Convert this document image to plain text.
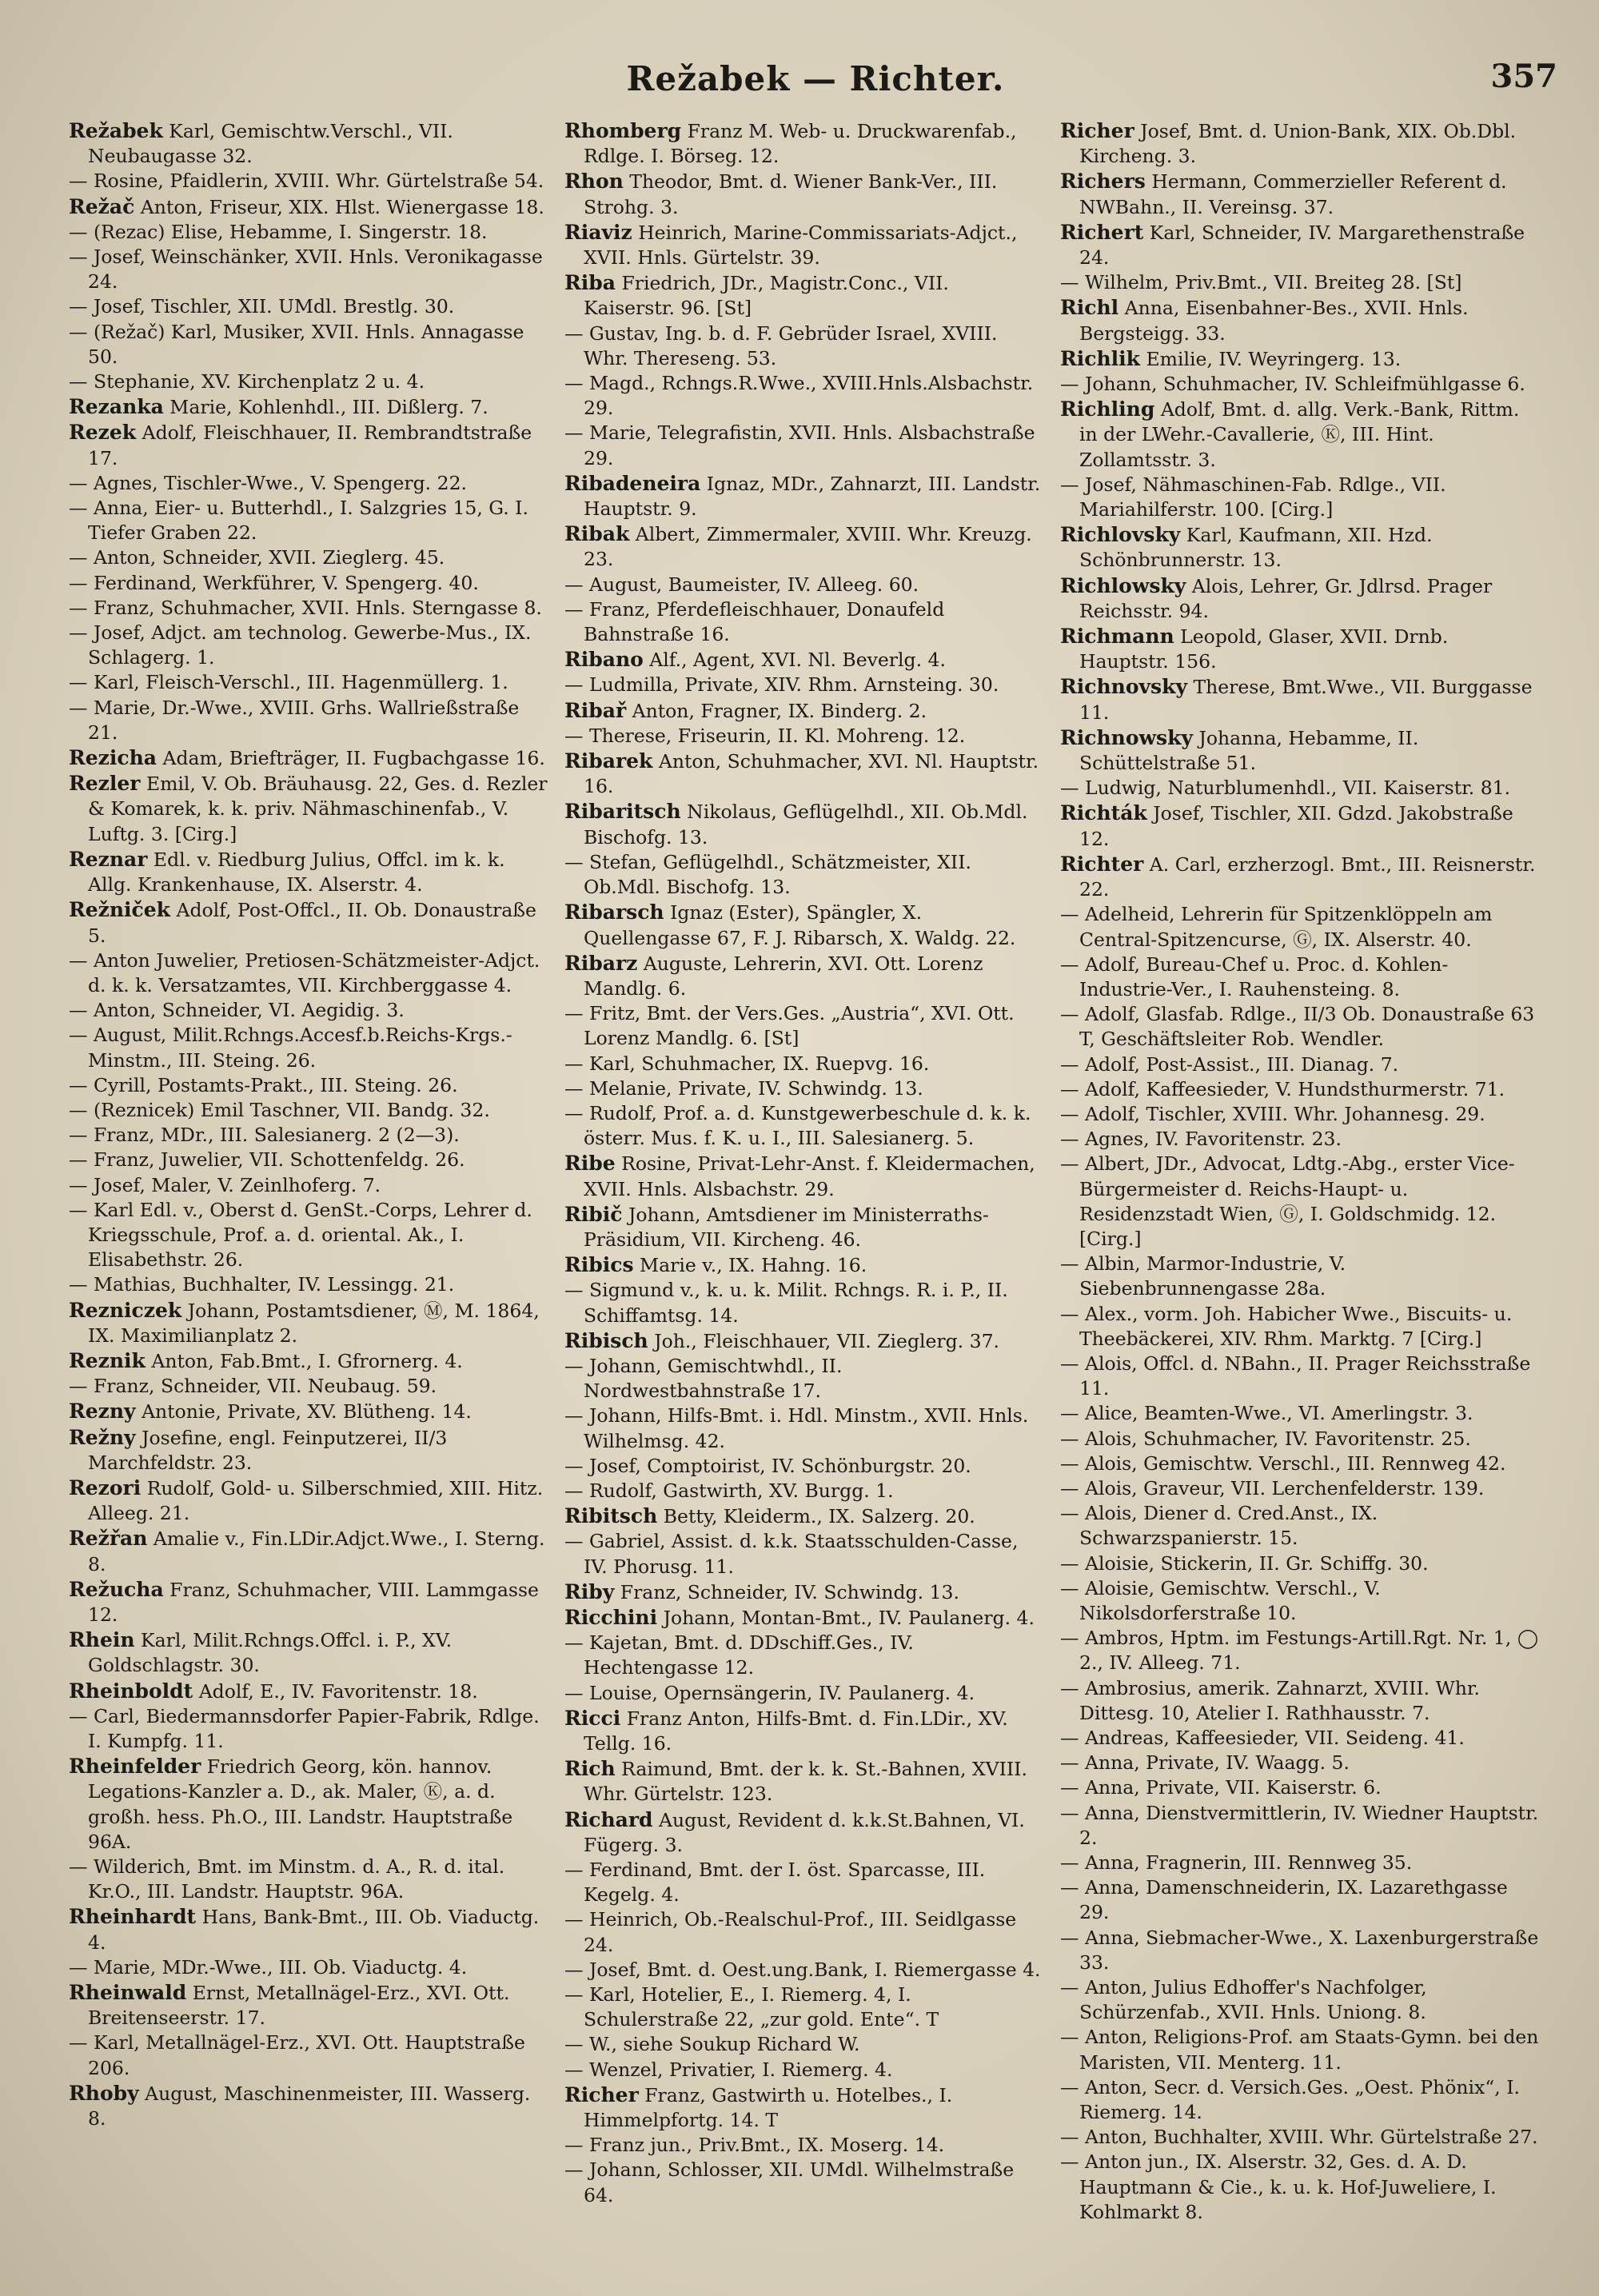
Režabek — Richter.	357
Režabek Karl, Gemischtw.Verschl., VII. Neubaugasse 32.
— Rosine, Pfaidlerin, XVIII. Whr. Gürtelstraße 54.
Režač Anton, Friseur, XIX. Hlst. Wienergasse 18.
— (Rezac) Elise, Hebamme, I. Singerstr. 18.
— Josef, Weinschänker, XVII. Hnls. Veronikagasse 24.
— Josef, Tischler, XII. UMdl. Brestlg. 30.
— (Režač) Karl, Musiker, XVII. Hnls. Annagasse 50.
— Stephanie, XV. Kirchenplatz 2 u. 4.
Rezanka Marie, Kohlenhdl., III. Dißlerg. 7.
Rezek Adolf, Fleischhauer, II. Rembrandtstraße 17.
— Agnes, Tischler-Wwe., V. Spengerg. 22.
— Anna, Eier- u. Butterhdl., I. Salzgries 15, G. I. Tiefer Graben 22.
— Anton, Schneider, XVII. Zieglerg. 45.
— Ferdinand, Werkführer, V. Spengerg. 40.
— Franz, Schuhmacher, XVII. Hnls. Sterngasse 8.
— Josef, Adjct. am technolog. Gewerbe-Mus., IX. Schlagerg. 1.
— Karl, Fleisch-Verschl., III. Hagenmüllerg. 1.
— Marie, Dr.-Wwe., XVIII. Grhs. Wallrießstraße 21.
Rezicha Adam, Briefträger, II. Fugbachgasse 16.
Rezler Emil, V. Ob. Bräuhausg. 22, Ges. d. Rezler & Komarek, k. k. priv. Nähmaschinenfab., V. Luftg. 3. [Cirg.]
Reznar Edl. v. Riedburg Julius, Offcl. im k. k. Allg. Krankenhause, IX. Alserstr. 4.
Režniček Adolf, Post-Offcl., II. Ob. Donaustraße 5.
— Anton Juwelier, Pretiosen-Schätzmeister-Adjct. d. k. k. Versatzamtes, VII. Kirchberggasse 4.
— Anton, Schneider, VI. Aegidig. 3.
— August, Milit.Rchngs.Accesf.b.Reichs-Krgs.-Minstm., III. Steing. 26.
— Cyrill, Postamts-Prakt., III. Steing. 26.
— (Reznicek) Emil Taschner, VII. Bandg. 32.
— Franz, MDr., III. Salesianerg. 2 (2—3).
— Franz, Juwelier, VII. Schottenfeldg. 26.
— Josef, Maler, V. Zeinlhoferg. 7.
— Karl Edl. v., Oberst d. GenSt.-Corps, Lehrer d. Kriegsschule, Prof. a. d. oriental. Ak., I. Elisabethstr. 26.
— Mathias, Buchhalter, IV. Lessingg. 21.
Rezniczek Johann, Postamtsdiener, Ⓜ, M. 1864, IX. Maximilianplatz 2.
Reznik Anton, Fab.Bmt., I. Gfrornerg. 4.
— Franz, Schneider, VII. Neubaug. 59.
Rezny Antonie, Private, XV. Blütheng. 14.
Režny Josefine, engl. Feinputzerei, II/3 Marchfeldstr. 23.
Rezori Rudolf, Gold- u. Silberschmied, XIII. Hitz. Alleeg. 21.
Režřan Amalie v., Fin.LDir.Adjct.Wwe., I. Sterng. 8.
Režucha Franz, Schuhmacher, VIII. Lammgasse 12.
Rhein Karl, Milit.Rchngs.Offcl. i. P., XV. Goldschlagstr. 30.
Rheinboldt Adolf, E., IV. Favoritenstr. 18.
— Carl, Biedermannsdorfer Papier-Fabrik, Rdlge. I. Kumpfg. 11.
Rheinfelder Friedrich Georg, kön. hannov. Legations-Kanzler a. D., ak. Maler, Ⓚ, a. d. großh. hess. Ph.O., III. Landstr. Hauptstraße 96A.
— Wilderich, Bmt. im Minstm. d. A., R. d. ital. Kr.O., III. Landstr. Hauptstr. 96A.
Rheinhardt Hans, Bank-Bmt., III. Ob. Viaductg. 4.
— Marie, MDr.-Wwe., III. Ob. Viaductg. 4.
Rheinwald Ernst, Metallnägel-Erz., XVI. Ott. Breitenseerstr. 17.
— Karl, Metallnägel-Erz., XVI. Ott. Hauptstraße 206.
Rhoby August, Maschinenmeister, III. Wasserg. 8.
Rhomberg Franz M. Web- u. Druckwarenfab., Rdlge. I. Börseg. 12.
Rhon Theodor, Bmt. d. Wiener Bank-Ver., III. Strohg. 3.
Riaviz Heinrich, Marine-Commissariats-Adjct., XVII. Hnls. Gürtelstr. 39.
Riba Friedrich, JDr., Magistr.Conc., VII. Kaiserstr. 96. [St]
— Gustav, Ing. b. d. F. Gebrüder Israel, XVIII. Whr. Thereseng. 53.
— Magd., Rchngs.R.Wwe., XVIII.Hnls.Alsbachstr. 29.
— Marie, Telegrafistin, XVII. Hnls. Alsbachstraße 29.
Ribadeneira Ignaz, MDr., Zahnarzt, III. Landstr. Hauptstr. 9.
Ribak Albert, Zimmermaler, XVIII. Whr. Kreuzg. 23.
— August, Baumeister, IV. Alleeg. 60.
— Franz, Pferdefleischhauer, Donaufeld Bahnstraße 16.
Ribano Alf., Agent, XVI. Nl. Beverlg. 4.
— Ludmilla, Private, XIV. Rhm. Arnsteing. 30.
Ribař Anton, Fragner, IX. Binderg. 2.
— Therese, Friseurin, II. Kl. Mohreng. 12.
Ribarek Anton, Schuhmacher, XVI. Nl. Hauptstr. 16.
Ribaritsch Nikolaus, Geflügelhdl., XII. Ob.Mdl. Bischofg. 13.
— Stefan, Geflügelhdl., Schätzmeister, XII. Ob.Mdl. Bischofg. 13.
Ribarsch Ignaz (Ester), Spängler, X. Quellengasse 67, F. J. Ribarsch, X. Waldg. 22.
Ribarz Auguste, Lehrerin, XVI. Ott. Lorenz Mandlg. 6.
— Fritz, Bmt. der Vers.Ges. „Austria“, XVI. Ott. Lorenz Mandlg. 6. [St]
— Karl, Schuhmacher, IX. Ruepvg. 16.
— Melanie, Private, IV. Schwindg. 13.
— Rudolf, Prof. a. d. Kunstgewerbeschule d. k. k. österr. Mus. f. K. u. I., III. Salesianerg. 5.
Ribe Rosine, Privat-Lehr-Anst. f. Kleidermachen, XVII. Hnls. Alsbachstr. 29.
Ribič Johann, Amtsdiener im Ministerraths-Präsidium, VII. Kircheng. 46.
Ribics Marie v., IX. Hahng. 16.
— Sigmund v., k. u. k. Milit. Rchngs. R. i. P., II. Schiffamtsg. 14.
Ribisch Joh., Fleischhauer, VII. Zieglerg. 37.
— Johann, Gemischtwhdl., II. Nordwestbahnstraße 17.
— Johann, Hilfs-Bmt. i. Hdl. Minstm., XVII. Hnls. Wilhelmsg. 42.
— Josef, Comptoirist, IV. Schönburgstr. 20.
— Rudolf, Gastwirth, XV. Burgg. 1.
Ribitsch Betty, Kleiderm., IX. Salzerg. 20.
— Gabriel, Assist. d. k.k. Staatsschulden-Casse, IV. Phorusg. 11.
Riby Franz, Schneider, IV. Schwindg. 13.
Ricchini Johann, Montan-Bmt., IV. Paulanerg. 4.
— Kajetan, Bmt. d. DDschiff.Ges., IV. Hechtengasse 12.
— Louise, Opernsängerin, IV. Paulanerg. 4.
Ricci Franz Anton, Hilfs-Bmt. d. Fin.LDir., XV. Tellg. 16.
Rich Raimund, Bmt. der k. k. St.-Bahnen, XVIII. Whr. Gürtelstr. 123.
Richard August, Revident d. k.k.St.Bahnen, VI. Fügerg. 3.
— Ferdinand, Bmt. der I. öst. Sparcasse, III. Kegelg. 4.
— Heinrich, Ob.-Realschul-Prof., III. Seidlgasse 24.
— Josef, Bmt. d. Oest.ung.Bank, I. Riemergasse 4.
— Karl, Hotelier, E., I. Riemerg. 4, I. Schulerstraße 22, „zur gold. Ente“. T
— W., siehe Soukup Richard W.
— Wenzel, Privatier, I. Riemerg. 4.
Richer Franz, Gastwirth u. Hotelbes., I. Himmelpfortg. 14. T
— Franz jun., Priv.Bmt., IX. Moserg. 14.
— Johann, Schlosser, XII. UMdl. Wilhelmstraße 64.
Richer Josef, Bmt. d. Union-Bank, XIX. Ob.Dbl. Kircheng. 3.
Richers Hermann, Commerzieller Referent d. NWBahn., II. Vereinsg. 37.
Richert Karl, Schneider, IV. Margarethenstraße 24.
— Wilhelm, Priv.Bmt., VII. Breiteg 28. [St]
Richl Anna, Eisenbahner-Bes., XVII. Hnls. Bergsteigg. 33.
Richlik Emilie, IV. Weyringerg. 13.
— Johann, Schuhmacher, IV. Schleifmühlgasse 6.
Richling Adolf, Bmt. d. allg. Verk.-Bank, Rittm. in der LWehr.-Cavallerie, Ⓚ, III. Hint. Zollamtsstr. 3.
— Josef, Nähmaschinen-Fab. Rdlge., VII. Mariahilferstr. 100. [Cirg.]
Richlovsky Karl, Kaufmann, XII. Hzd. Schönbrunnerstr. 13.
Richlowsky Alois, Lehrer, Gr. Jdlrsd. Prager Reichsstr. 94.
Richmann Leopold, Glaser, XVII. Drnb. Hauptstr. 156.
Richnovsky Therese, Bmt.Wwe., VII. Burggasse 11.
Richnowsky Johanna, Hebamme, II. Schüttelstraße 51.
— Ludwig, Naturblumenhdl., VII. Kaiserstr. 81.
Richták Josef, Tischler, XII. Gdzd. Jakobstraße 12.
Richter A. Carl, erzherzogl. Bmt., III. Reisnerstr. 22.
— Adelheid, Lehrerin für Spitzenklöppeln am Central-Spitzencurse, Ⓖ, IX. Alserstr. 40.
— Adolf, Bureau-Chef u. Proc. d. Kohlen-Industrie-Ver., I. Rauhensteing. 8.
— Adolf, Glasfab. Rdlge., II/3 Ob. Donaustraße 63 T, Geschäftsleiter Rob. Wendler.
— Adolf, Post-Assist., III. Dianag. 7.
— Adolf, Kaffeesieder, V. Hundsthurmerstr. 71.
— Adolf, Tischler, XVIII. Whr. Johannesg. 29.
— Agnes, IV. Favoritenstr. 23.
— Albert, JDr., Advocat, Ldtg.-Abg., erster Vice-Bürgermeister d. Reichs-Haupt- u. Residenzstadt Wien, Ⓖ, I. Goldschmidg. 12. [Cirg.]
— Albin, Marmor-Industrie, V. Siebenbrunnengasse 28a.
— Alex., vorm. Joh. Habicher Wwe., Biscuits- u. Theebäckerei, XIV. Rhm. Marktg. 7 [Cirg.]
— Alois, Offcl. d. NBahn., II. Prager Reichsstraße 11.
— Alice, Beamten-Wwe., VI. Amerlingstr. 3.
— Alois, Schuhmacher, IV. Favoritenstr. 25.
— Alois, Gemischtw. Verschl., III. Rennweg 42.
— Alois, Graveur, VII. Lerchenfelderstr. 139.
— Alois, Diener d. Cred.Anst., IX. Schwarzspanierstr. 15.
— Aloisie, Stickerin, II. Gr. Schiffg. 30.
— Aloisie, Gemischtw. Verschl., V. Nikolsdorferstraße 10.
— Ambros, Hptm. im Festungs-Artill.Rgt. Nr. 1, ◯ 2., IV. Alleeg. 71.
— Ambrosius, amerik. Zahnarzt, XVIII. Whr. Dittesg. 10, Atelier I. Rathhausstr. 7.
— Andreas, Kaffeesieder, VII. Seideng. 41.
— Anna, Private, IV. Waagg. 5.
— Anna, Private, VII. Kaiserstr. 6.
— Anna, Dienstvermittlerin, IV. Wiedner Hauptstr. 2.
— Anna, Fragnerin, III. Rennweg 35.
— Anna, Damenschneiderin, IX. Lazarethgasse 29.
— Anna, Siebmacher-Wwe., X. Laxenburgerstraße 33.
— Anton, Julius Edhoffer's Nachfolger, Schürzenfab., XVII. Hnls. Uniong. 8.
— Anton, Religions-Prof. am Staats-Gymn. bei den Maristen, VII. Menterg. 11.
— Anton, Secr. d. Versich.Ges. „Oest. Phönix“, I. Riemerg. 14.
— Anton, Buchhalter, XVIII. Whr. Gürtelstraße 27.
— Anton jun., IX. Alserstr. 32, Ges. d. A. D. Hauptmann & Cie., k. u. k. Hof-Juweliere, I. Kohlmarkt 8.
